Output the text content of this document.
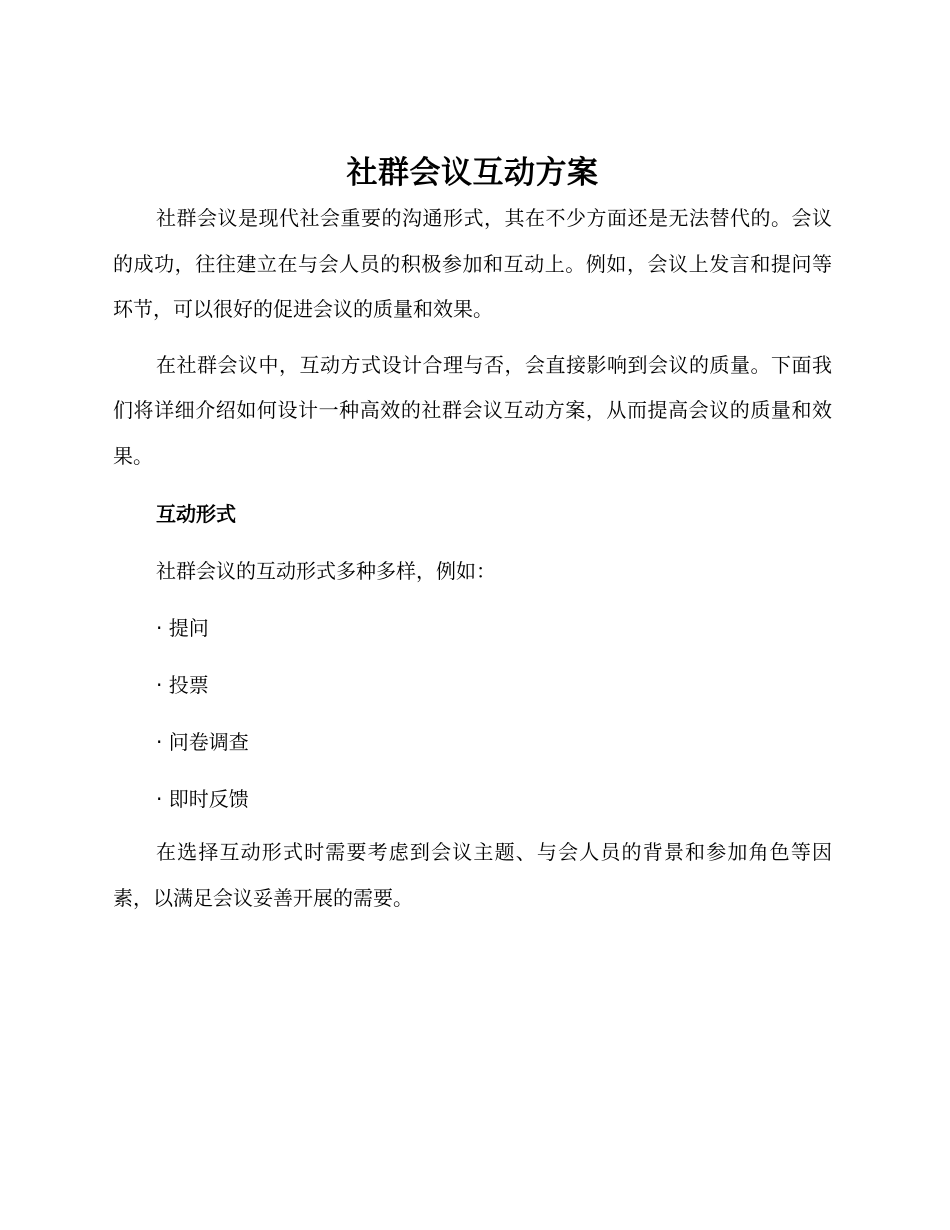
社群会议互动方案

社群会议是现代社会重要的沟通形式，其在不少方面还是无法替代的。会议的成功，往往建立在与会人员的积极参加和互动上。例如，会议上发言和提问等环节，可以很好的促进会议的质量和效果。

在社群会议中，互动方式设计合理与否，会直接影响到会议的质量。下面我们将详细介绍如何设计一种高效的社群会议互动方案，从而提高会议的质量和效果。

互动形式

社群会议的互动形式多种多样，例如：

· 提问

· 投票

· 问卷调查

· 即时反馈

在选择互动形式时需要考虑到会议主题、与会人员的背景和参加角色等因素，以满足会议妥善开展的需要。
